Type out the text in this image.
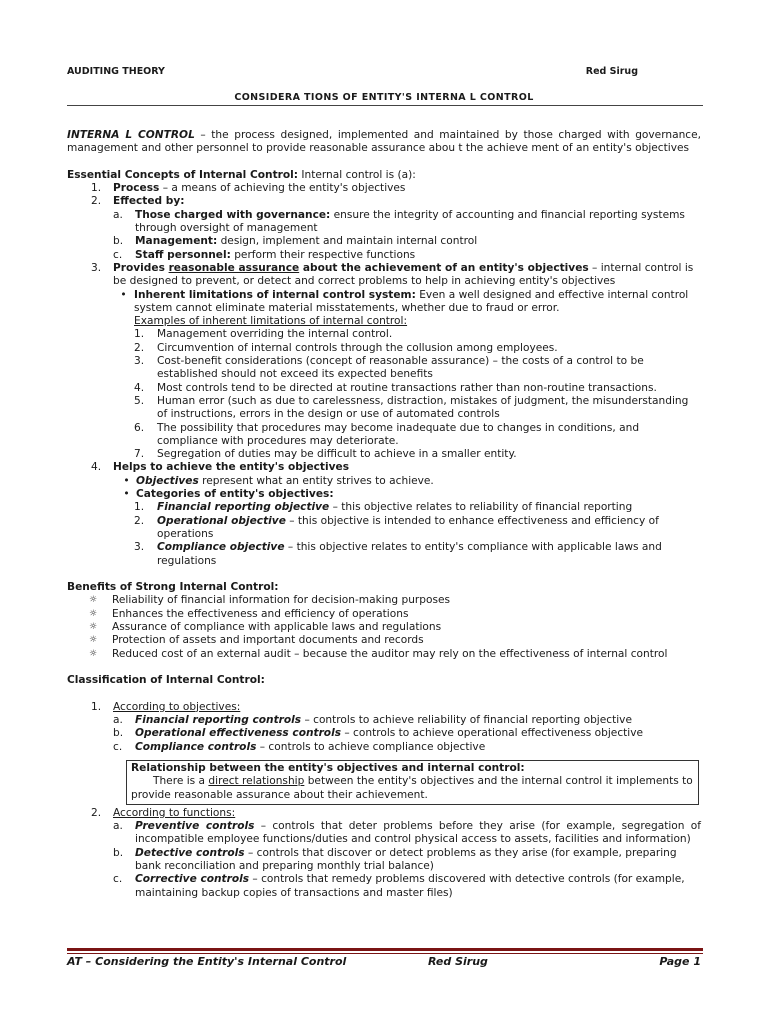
AUDITING THEORY	Red Sirug
CONSIDERA TIONS OF ENTITY'S INTERNA L CONTROL
INTERNA L CONTROL – the process designed, implemented and maintained by those charged with governance, management and other personnel to provide reasonable assurance abou t the achieve ment of an entity's objectives
Essential Concepts of Internal Control: Internal control is (a):
1.	Process – a means of achieving the entity's objectives
2.	Effected by:
a.	Those charged with governance: ensure the integrity of accounting and financial reporting systems through oversight of management
b.	Management: design, implement and maintain internal control
c.	Staff personnel: perform their respective functions
3.	Provides reasonable assurance about the achievement of an entity's objectives – internal control is be designed to prevent, or detect and correct problems to help in achieving entity's objectives
• Inherent limitations of internal control system: Even a well designed and effective internal control system cannot eliminate material misstatements, whether due to fraud or error.
Examples of inherent limitations of internal control:
1.	Management overriding the internal control.
2.	Circumvention of internal controls through the collusion among employees.
3.	Cost-benefit considerations (concept of reasonable assurance) – the costs of a control to be established should not exceed its expected benefits
4.	Most controls tend to be directed at routine transactions rather than non-routine transactions.
5.	Human error (such as due to carelessness, distraction, mistakes of judgment, the misunderstanding of instructions, errors in the design or use of automated controls
6.	The possibility that procedures may become inadequate due to changes in conditions, and compliance with procedures may deteriorate.
7.	Segregation of duties may be difficult to achieve in a smaller entity.
4.	Helps to achieve the entity's objectives
• Objectives represent what an entity strives to achieve.
• Categories of entity's objectives:
1.	Financial reporting objective – this objective relates to reliability of financial reporting
2.	Operational objective – this objective is intended to enhance effectiveness and efficiency of operations
3.	Compliance objective – this objective relates to entity's compliance with applicable laws and regulations
Benefits of Strong Internal Control:
☼	Reliability of financial information for decision-making purposes
☼	Enhances the effectiveness and efficiency of operations
☼	Assurance of compliance with applicable laws and regulations
☼	Protection of assets and important documents and records
☼	Reduced cost of an external audit – because the auditor may rely on the effectiveness of internal control
Classification of Internal Control:
1.	According to objectives:
a.	Financial reporting controls – controls to achieve reliability of financial reporting objective
b.	Operational effectiveness controls – controls to achieve operational effectiveness objective
c.	Compliance controls – controls to achieve compliance objective
Relationship between the entity's objectives and internal control:
There is a direct relationship between the entity's objectives and the internal control it implements to provide reasonable assurance about their achievement.
2.	According to functions:
a.	Preventive controls – controls that deter problems before they arise (for example, segregation of incompatible employee functions/duties and control physical access to assets, facilities and information)
b.	Detective controls – controls that discover or detect problems as they arise (for example, preparing bank reconciliation and preparing monthly trial balance)
c.	Corrective controls – controls that remedy problems discovered with detective controls (for example, maintaining backup copies of transactions and master files)
AT – Considering the Entity's Internal Control	Red Sirug	Page 1
